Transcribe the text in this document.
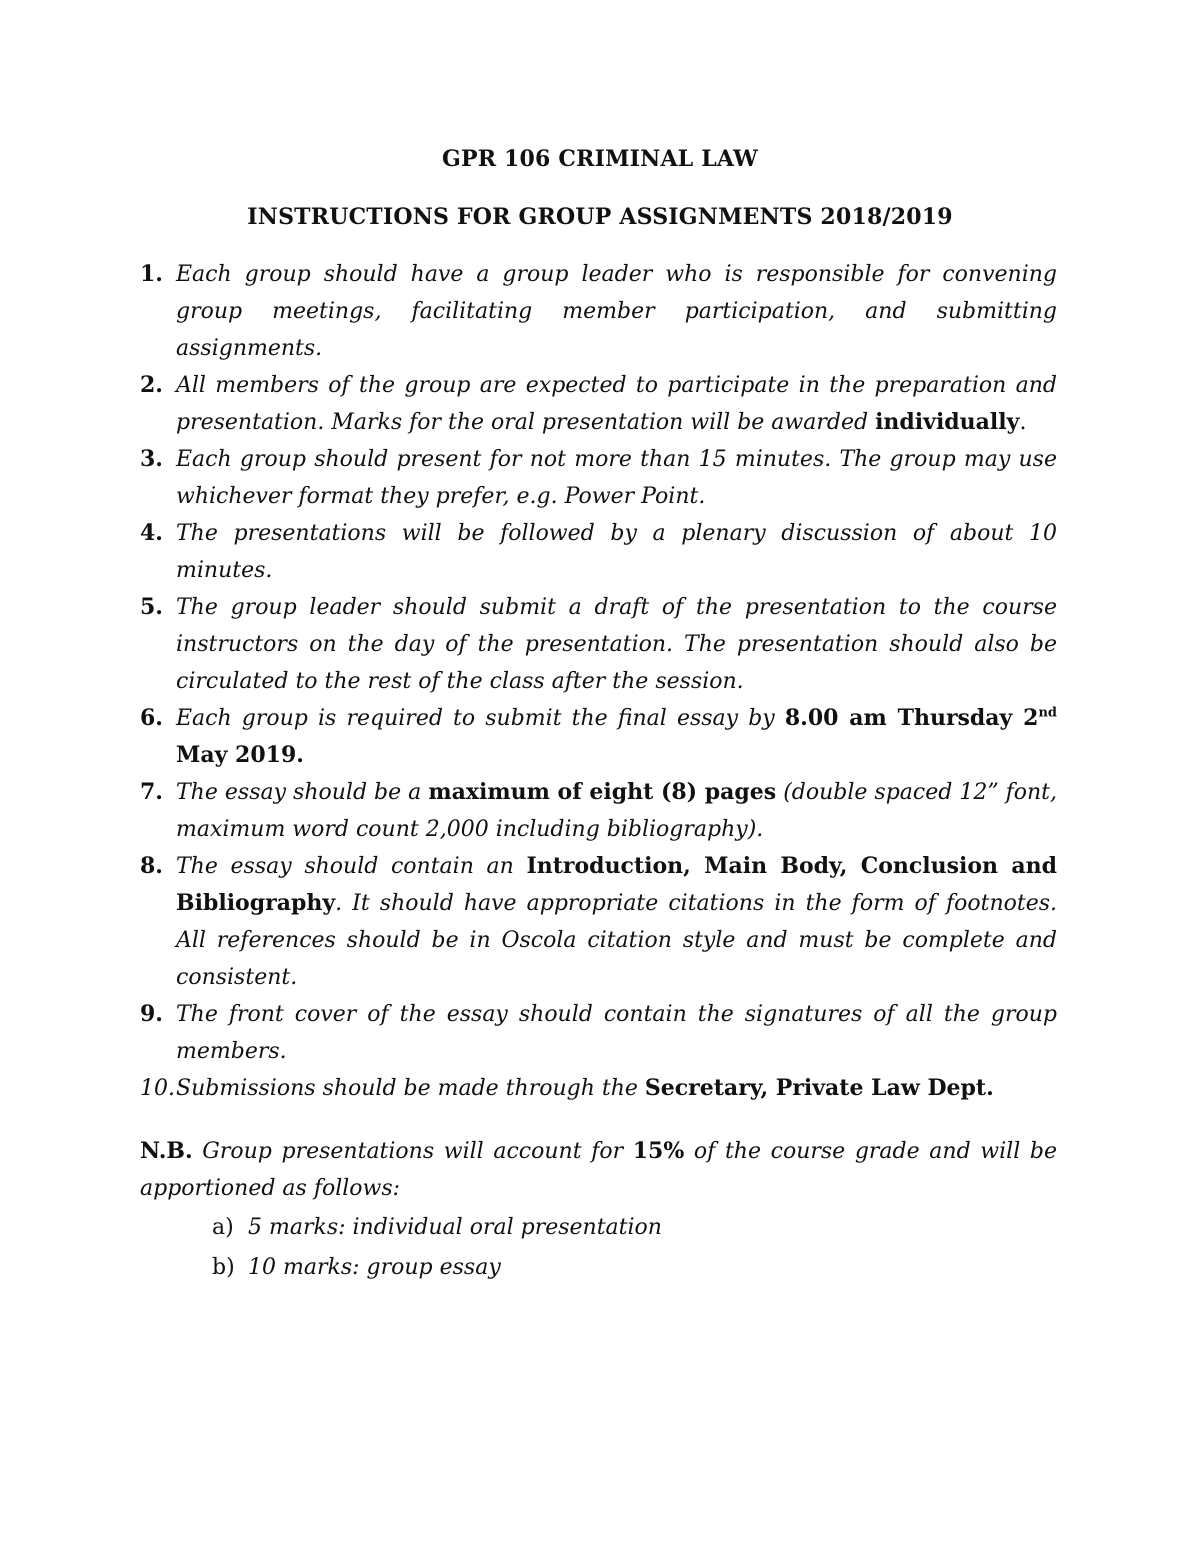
GPR 106 CRIMINAL LAW
INSTRUCTIONS FOR GROUP ASSIGNMENTS 2018/2019
1. Each group should have a group leader who is responsible for convening group meetings, facilitating member participation, and submitting assignments.
2. All members of the group are expected to participate in the preparation and presentation. Marks for the oral presentation will be awarded individually.
3. Each group should present for not more than 15 minutes. The group may use whichever format they prefer, e.g. Power Point.
4. The presentations will be followed by a plenary discussion of about 10 minutes.
5. The group leader should submit a draft of the presentation to the course instructors on the day of the presentation. The presentation should also be circulated to the rest of the class after the session.
6. Each group is required to submit the final essay by 8.00 am Thursday 2nd May 2019.
7. The essay should be a maximum of eight (8) pages (double spaced 12” font, maximum word count 2,000 including bibliography).
8. The essay should contain an Introduction, Main Body, Conclusion and Bibliography. It should have appropriate citations in the form of footnotes. All references should be in Oscola citation style and must be complete and consistent.
9. The front cover of the essay should contain the signatures of all the group members.
10. Submissions should be made through the Secretary, Private Law Dept.
N.B. Group presentations will account for 15% of the course grade and will be apportioned as follows:
a) 5 marks: individual oral presentation
b) 10 marks: group essay
